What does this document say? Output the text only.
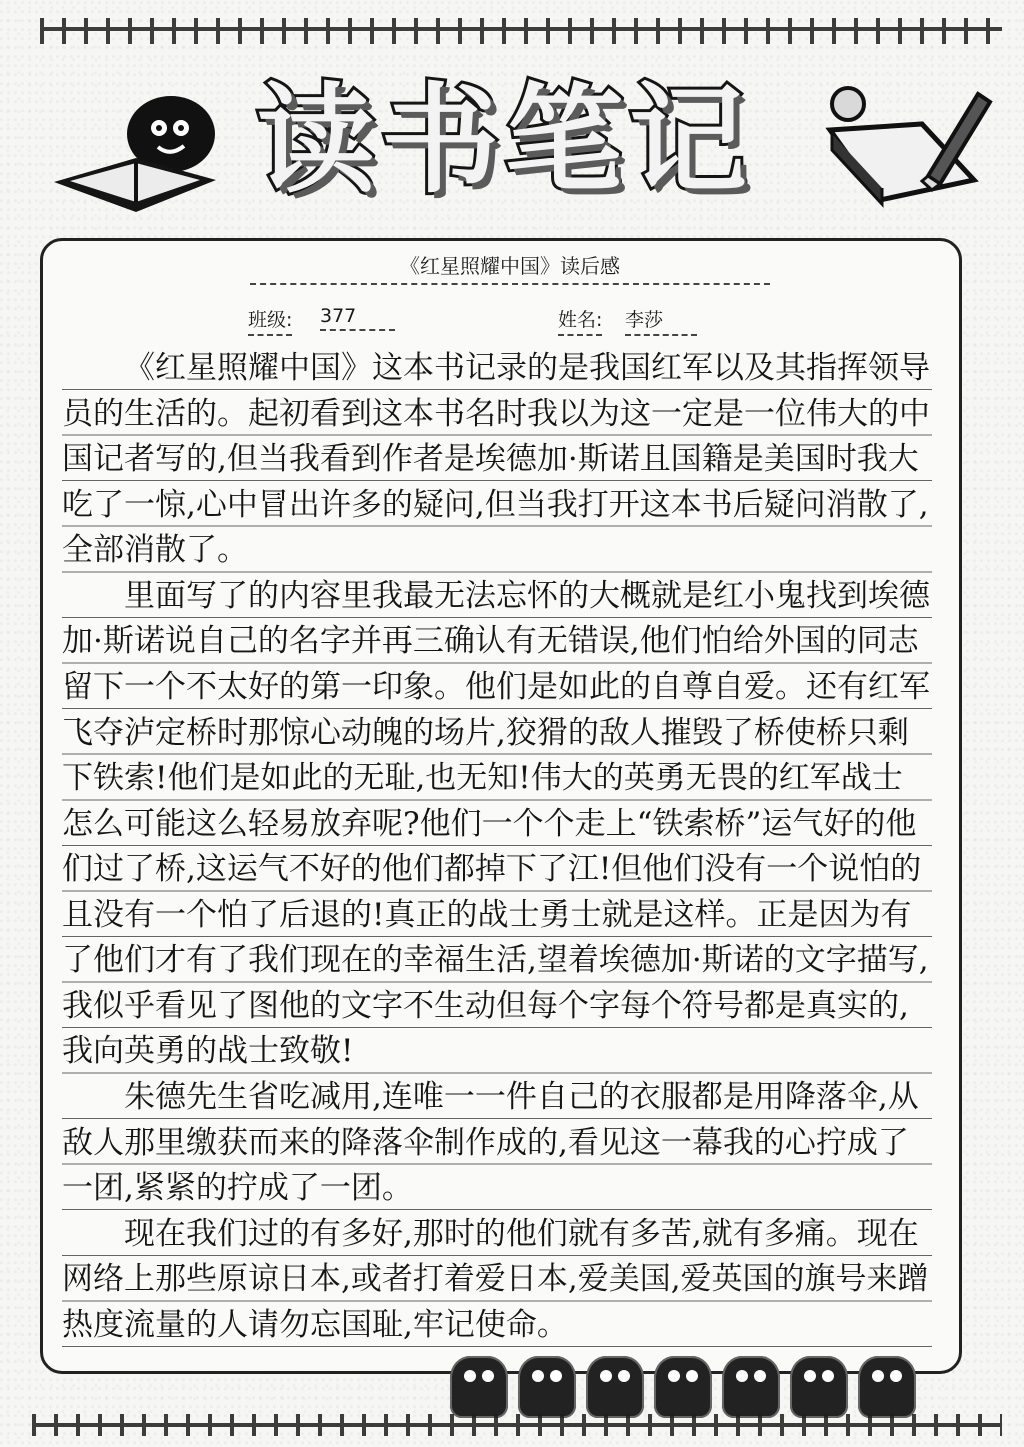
读书笔记
《红星照耀中国》读后感
班级: 377	姓名: 李莎

《红星照耀中国》这本书记录的是我国红军以及其指挥领导员的生活的。起初看到这本书名时我以为这一定是一位伟大的中国记者写的,但当我看到作者是埃德加·斯诺且国籍是美国时我大吃了一惊,心中冒出许多的疑问,但当我打开这本书后疑问消散了,全部消散了。

里面写了的内容里我最无法忘怀的大概就是红小鬼找到埃德加·斯诺说自己的名字并再三确认有无错误,他们怕给外国的同志留下一个不太好的第一印象。他们是如此的自尊自爱。还有红军飞夺泸定桥时那惊心动魄的场片,狡猾的敌人摧毁了桥使桥只剩下铁索!他们是如此的无耻,也无知!伟大的英勇无畏的红军战士怎么可能这么轻易放弃呢?他们一个个走上“铁索桥”运气好的他们过了桥,这运气不好的他们都掉下了江!但他们没有一个说怕的且没有一个怕了后退的!真正的战士勇士就是这样。正是因为有了他们才有了我们现在的幸福生活,望着埃德加·斯诺的文字描写,我似乎看见了图他的文字不生动但每个字每个符号都是真实的,我向英勇的战士致敬!

朱德先生省吃减用,连唯一一件自己的衣服都是用降落伞,从敌人那里缴获而来的降落伞制作成的,看见这一幕我的心拧成了一团,紧紧的拧成了一团。

现在我们过的有多好,那时的他们就有多苦,就有多痛。现在网络上那些原谅日本,或者打着爱日本,爱美国,爱英国的旗号来蹭热度流量的人请勿忘国耻,牢记使命。
